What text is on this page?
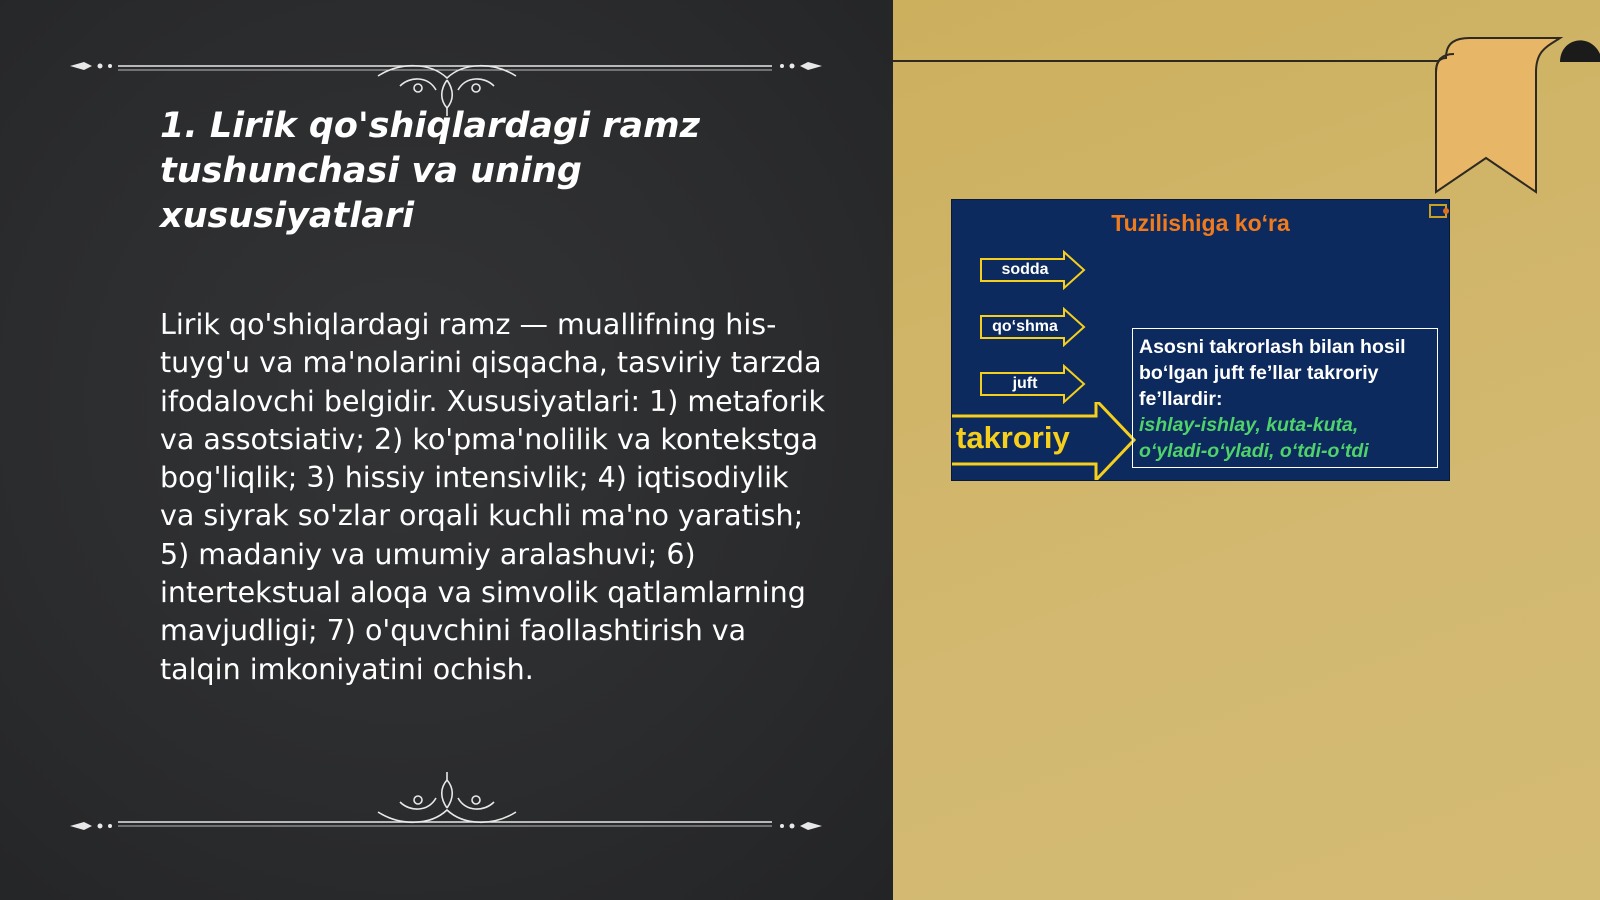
1. Lirik qo'shiqlardagi ramz tushunchasi va uning xususiyatlari

Lirik qo'shiqlardagi ramz — muallifning his-tuyg'u va ma'nolarini qisqacha, tasviriy tarzda ifodalovchi belgidir. Xususiyatlari: 1) metaforik va assotsiativ; 2) ko'pma'nolilik va kontekstga bog'liqlik; 3) hissiy intensivlik; 4) iqtisodiylik va siyrak so'zlar orqali kuchli ma'no yaratish; 5) madaniy va umumiy aralashuvi; 6) intertekstual aloqa va simvolik qatlamlarning mavjudligi; 7) o'quvchini faollashtirish va talqin imkoniyatini ochish.

Tuzilishiga ko‘ra
sodda
qo‘shma
juft
takroriy

Asosni takrorlash bilan hosil bo‘lgan juft fe’llar takroriy fe’llardir:

ishlay-ishlay, kuta-kuta, o‘yladi-o‘yladi, o‘tdi-o‘tdi
